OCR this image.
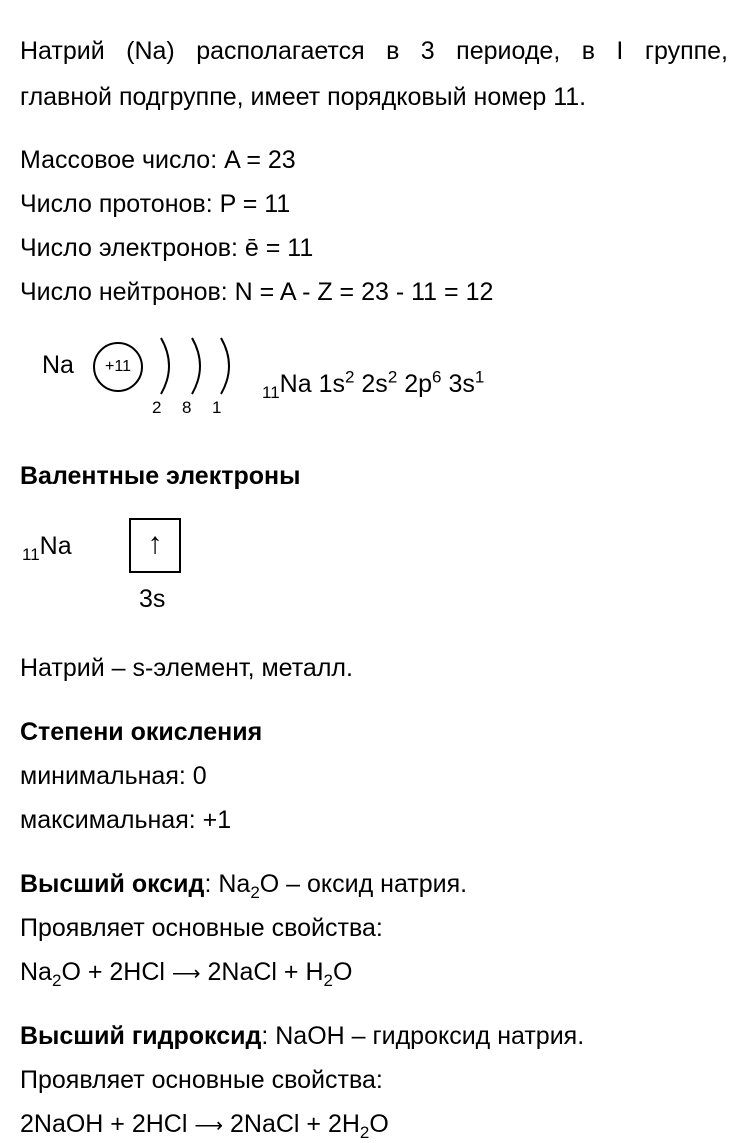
Натрий (Na) располагается в 3 периоде, в I группе,
главной подгруппе, имеет порядковый номер 11.
Массовое число: A = 23
Число протонов: P = 11
Число электронов: ē = 11
Число нейтронов: N = A - Z = 23 - 11 = 12
Na	+11
2 8 1
$_{11}$Na $1s^2$ $2s^2$ $2p^6$ $3s^1$
Валентные электроны
$_{11}$Na	↑
3s
Натрий – s-элемент, металл.
Степени окисления
минимальная: 0
максимальная: +1
Высший оксид: $Na_2O$ – оксид натрия.
Проявляет основные свойства:
$Na_2O + 2HCl$ ⟶ 2NaCl + $H_2O$
Высший гидроксид: NaOH – гидроксид натрия.
Проявляет основные свойства:
2NaOH + 2HCl ⟶ 2NaCl + $2H_2O$
